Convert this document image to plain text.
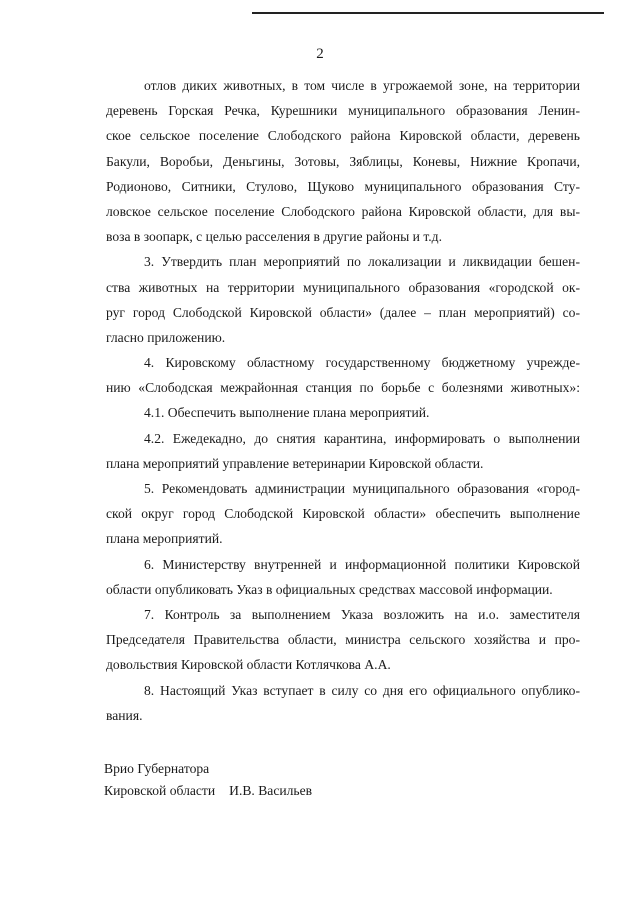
2
отлов диких животных, в том числе в угрожаемой зоне, на территории
деревень Горская Речка, Курешники муниципального образования Ленин-
ское сельское поселение Слободского района Кировской области, деревень
Бакули, Воробьи, Деньгины, Зотовы, Зяблицы, Коневы, Нижние Кропачи,
Родионово, Ситники, Стулово, Щуково муниципального образования Сту-
ловское сельское поселение Слободского района Кировской области, для вы-
воза в зоопарк, с целью расселения в другие районы и т.д.
3. Утвердить план мероприятий по локализации и ликвидации бешен-
ства животных на территории муниципального образования «городской ок-
руг город Слободской Кировской области» (далее – план мероприятий) со-
гласно приложению.
4. Кировскому областному государственному бюджетному учрежде-
нию «Слободская межрайонная станция по борьбе с болезнями животных»:
4.1. Обеспечить выполнение плана мероприятий.
4.2. Ежедекадно, до снятия карантина, информировать о выполнении
плана мероприятий управление ветеринарии Кировской области.
5. Рекомендовать администрации муниципального образования «город-
ской округ город Слободской Кировской области» обеспечить выполнение
плана мероприятий.
6. Министерству внутренней и информационной политики Кировской
области опубликовать Указ в официальных средствах массовой информации.
7. Контроль за выполнением Указа возложить на и.о. заместителя
Председателя Правительства области, министра сельского хозяйства и про-
довольствия Кировской области Котлячкова А.А.
8. Настоящий Указ вступает в силу со дня его официального опублико-
вания.
Врио Губернатора
Кировской области И.В. Васильев
